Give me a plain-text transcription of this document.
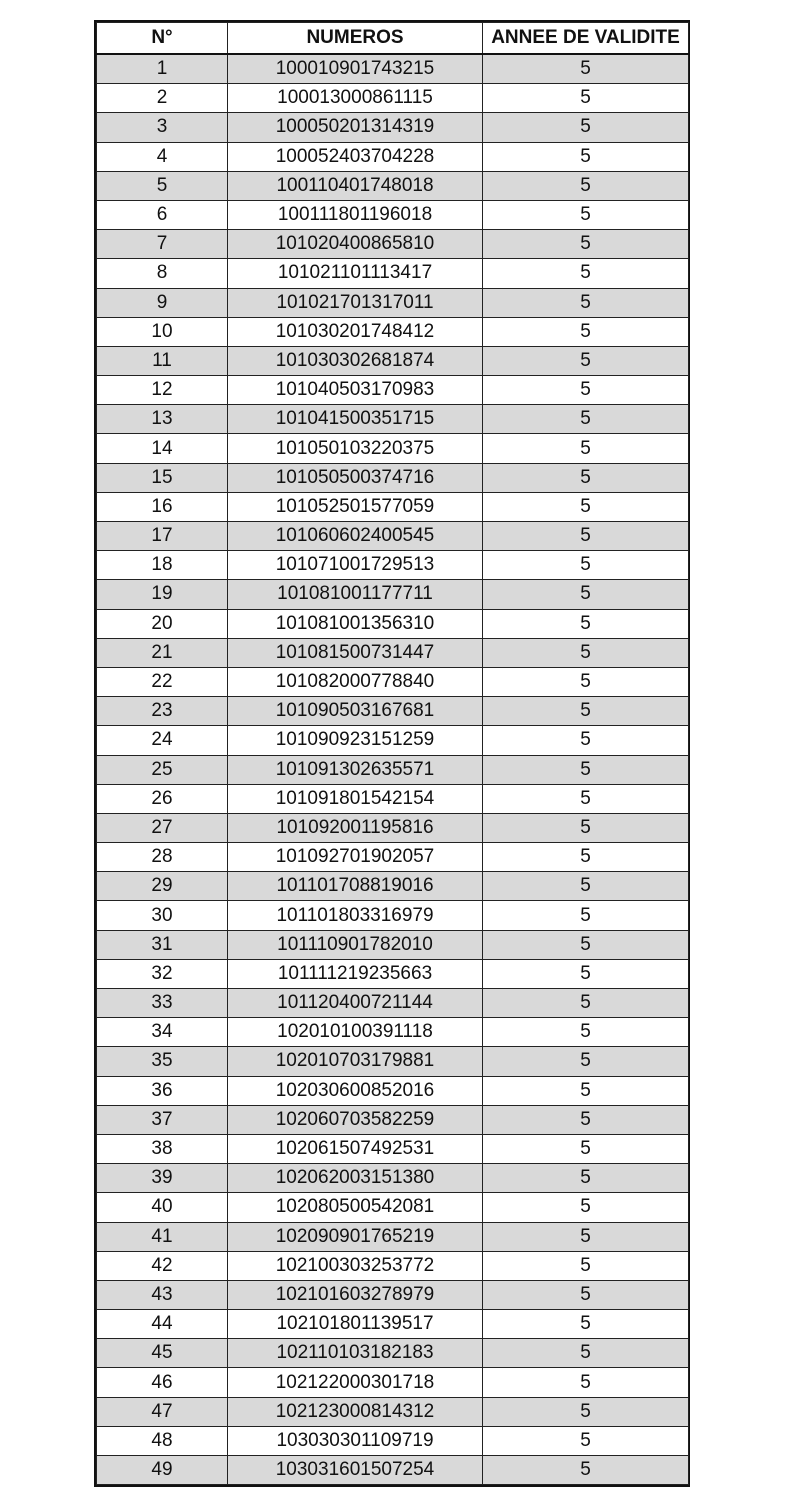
N°	NUMEROS	ANNEE DE VALIDITE
1	100010901743215	5
2	100013000861115	5
3	100050201314319	5
4	100052403704228	5
5	100110401748018	5
6	100111801196018	5
7	101020400865810	5
8	101021101113417	5
9	101021701317011	5
10	101030201748412	5
11	101030302681874	5
12	101040503170983	5
13	101041500351715	5
14	101050103220375	5
15	101050500374716	5
16	101052501577059	5
17	101060602400545	5
18	101071001729513	5
19	101081001177711	5
20	101081001356310	5
21	101081500731447	5
22	101082000778840	5
23	101090503167681	5
24	101090923151259	5
25	101091302635571	5
26	101091801542154	5
27	101092001195816	5
28	101092701902057	5
29	101101708819016	5
30	101101803316979	5
31	101110901782010	5
32	101111219235663	5
33	101120400721144	5
34	102010100391118	5
35	102010703179881	5
36	102030600852016	5
37	102060703582259	5
38	102061507492531	5
39	102062003151380	5
40	102080500542081	5
41	102090901765219	5
42	102100303253772	5
43	102101603278979	5
44	102101801139517	5
45	102110103182183	5
46	102122000301718	5
47	102123000814312	5
48	103030301109719	5
49	103031601507254	5
